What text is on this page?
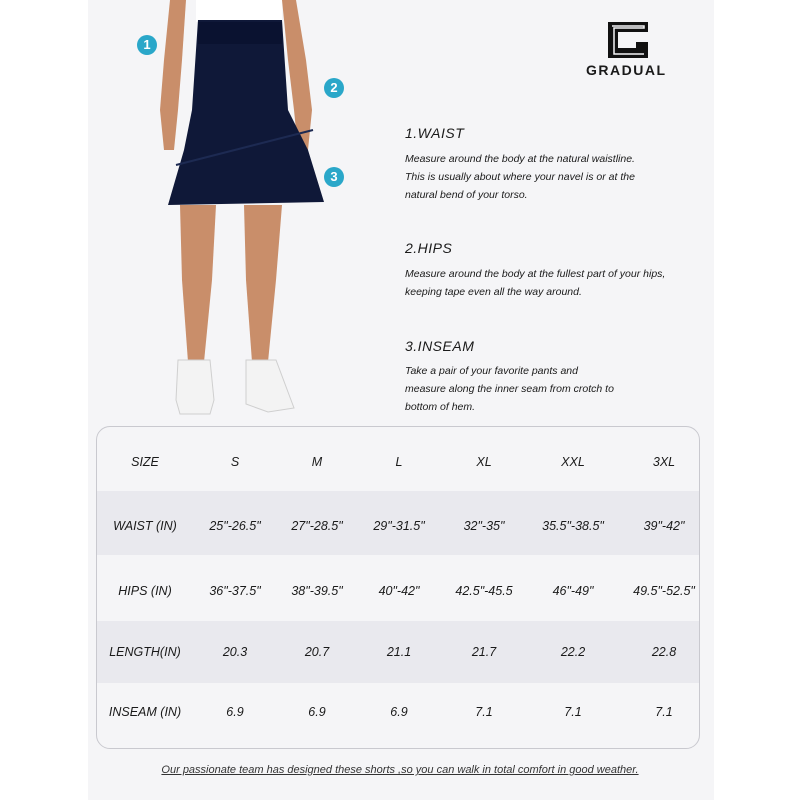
1
2
3
GRADUAL
1.WAIST
Measure around the body at the natural waistline.
This is usually about where your navel is or at the
natural bend of your torso.
2.HIPS
Measure around the body at the fullest part of your hips,
keeping tape even all the way around.
3.INSEAM
Take a pair of your favorite pants and
measure along the inner seam from crotch to
bottom of hem.
SIZE	S	M	L	XL	XXL	3XL
WAIST (IN)	25"-26.5" 27"-28.5" 29"-31.5"	32"-35"	35.5"-38.5"	39"-42"
HIPS (IN)	36"-37.5" 38"-39.5"	40"-42"	42.5"-45.5	46"-49"	49.5"-52.5"
LENGTH(IN)	20.3	20.7	21.1	21.7	22.2	22.8
INSEAM (IN)	6.9	6.9	6.9	7.1	7.1	7.1
Our passionate team has designed these shorts ,so you can walk in total comfort in good weather.
